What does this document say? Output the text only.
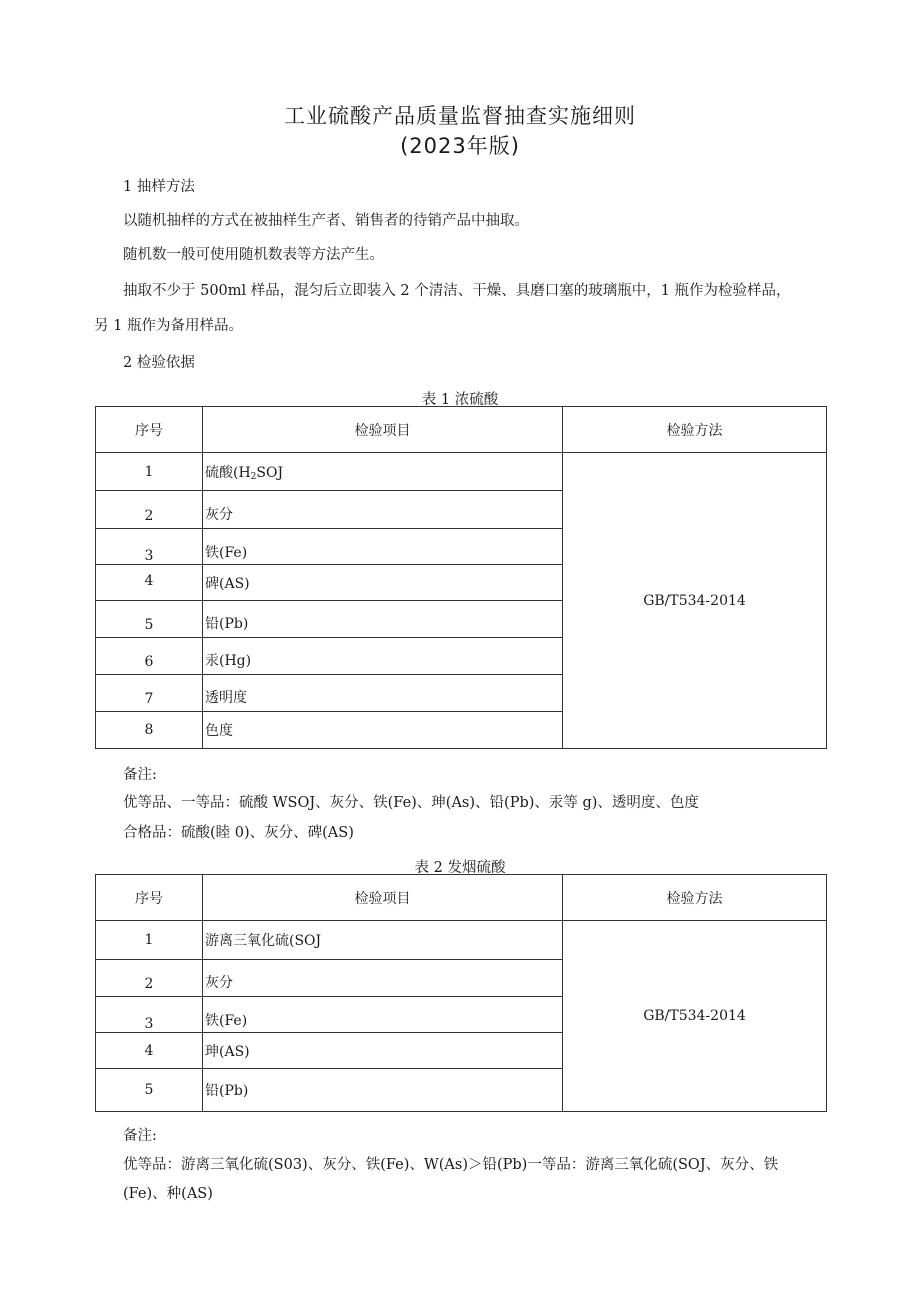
工业硫酸产品质量监督抽查实施细则
(2023年版)
1 抽样方法
以随机抽样的方式在被抽样生产者、销售者的待销产品中抽取。
随机数一般可使用随机数表等方法产生。
抽取不少于 500ml 样品，混匀后立即装入 2 个清洁、干燥、具磨口塞的玻璃瓶中，1 瓶作为检验样品，
另 1 瓶作为备用样品。
2 检验依据
表 1 浓硫酸
序号	检验项目	检验方法
1	硫酸($H_2SOJ$	GB/T534-2014
2	灰分	
3	铁(Fe)	
4	碑(AS)	
5	铅(Pb)	
6	汞(Hg)	
7	透明度	
8	色度	
备注:
优等品、一等品：硫酸 WSOJ、灰分、铁(Fe)、珅(As)、铅(Pb)、汞等 g)、透明度、色度
合格品：硫酸(睦 0)、灰分、碑(AS)
表 2 发烟硫酸
序号	检验项目	检验方法
1	游离三氧化硫(SOJ	GB/T534-2014
2	灰分	
3	铁(Fe)	
4	珅(AS)	
5	铅(Pb)	
备注:
优等品：游离三氧化硫(S03)、灰分、铁(Fe)、W(As)＞铅(Pb)一等品：游离三氧化硫(SOJ、灰分、铁
(Fe)、种(AS)
